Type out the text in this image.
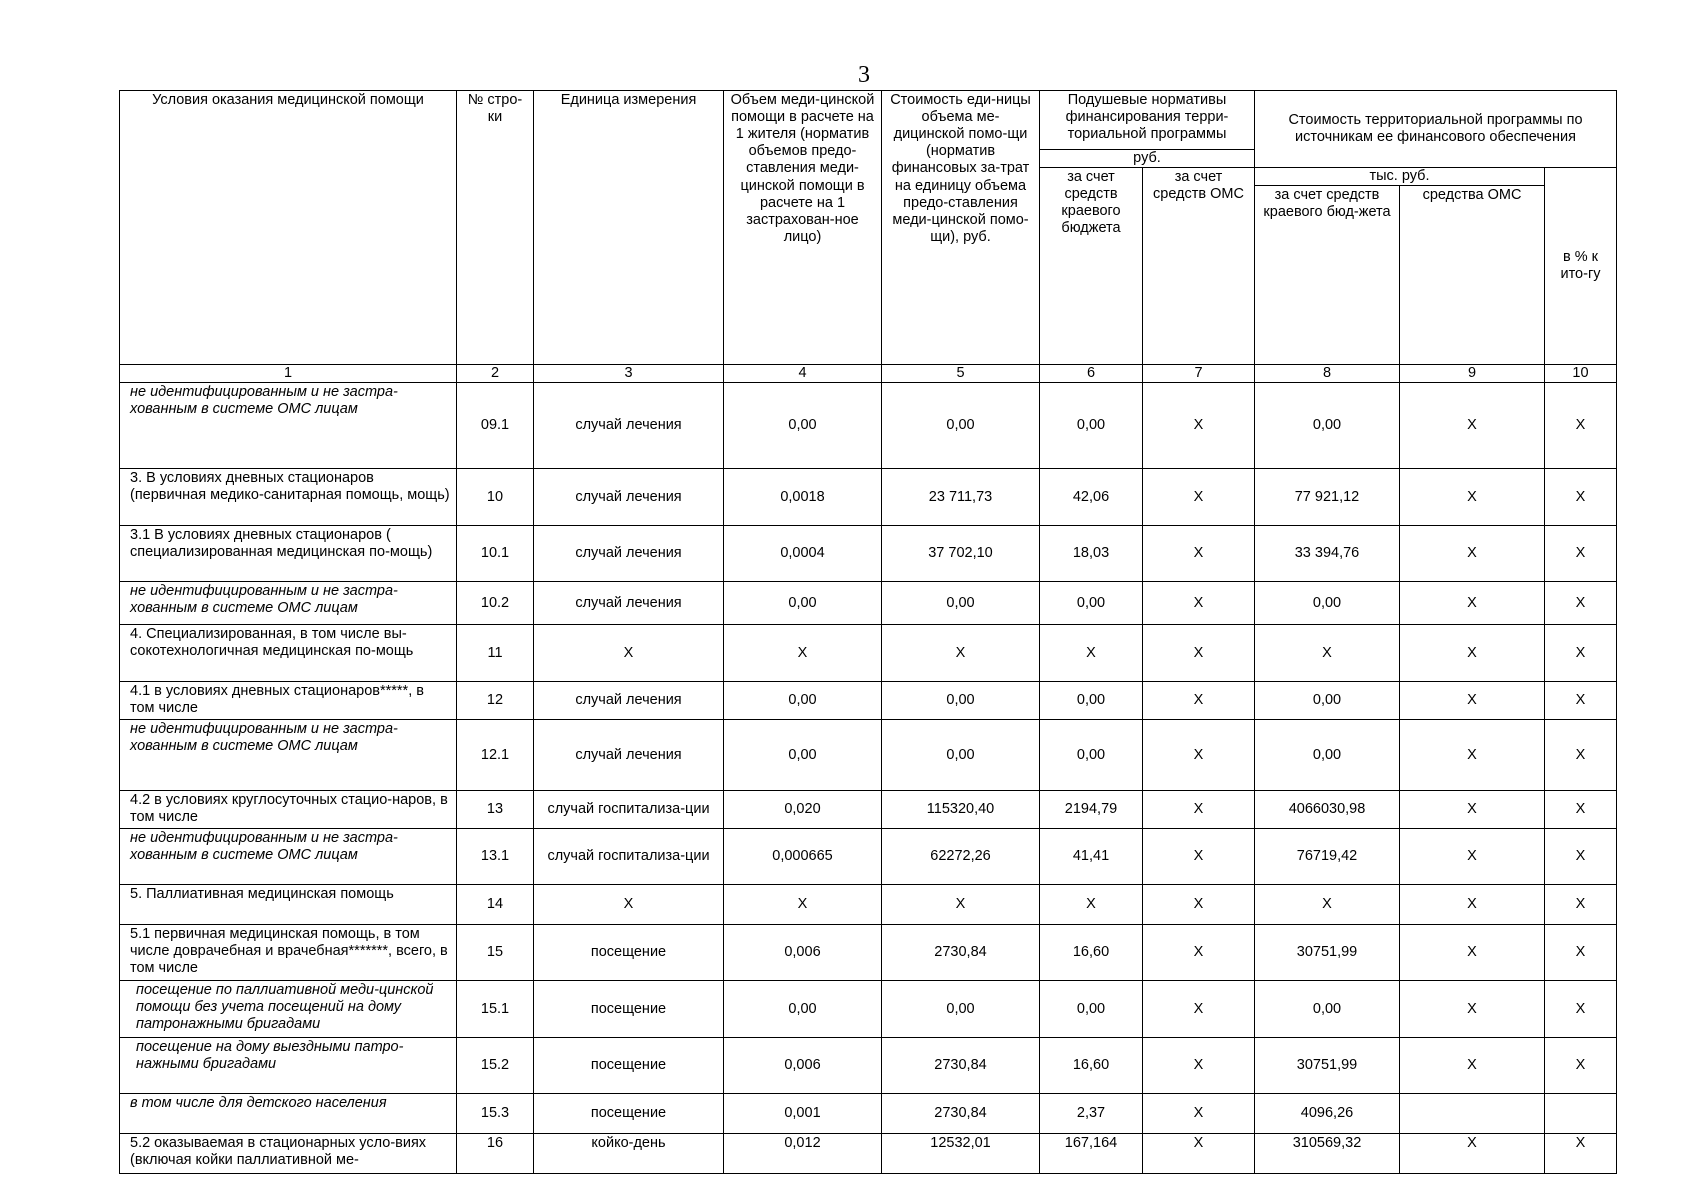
3
Условия оказания медицинской помощи	№ стро-ки	Единица измерения	Объем меди-цинской помощи в расчете на 1 жителя (норматив объемов предо-ставления меди-цинской помощи в расчете на 1 застрахован-ное лицо)	Стоимость еди-ницы объема ме-дицинской помо-щи (норматив финансовых за-трат на единицу объема предо-ставления меди-цинской помо-щи), руб.	Подушевые нормативы финансирования терри-ториальной программы	Стоимость территориальной программы по источникам ее финансового обеспечения
руб.
за счет средств краевого бюджета	за счет средств ОМС	
тыс. руб.
за счет средств краевого бюд-жета	средства ОМС
	в % к ито-гу
1	2	3	4	5	6	7	8	9	10
не идентифицированным и не застра-хованным в системе ОМС лицам	09.1	случай лечения	0,00	0,00	0,00	X	0,00	X	X
3. В условиях дневных стационаров (первичная медико-санитарная помощь, мощь)	10	случай лечения	0,0018	23 711,73	42,06	X	77 921,12	X	X
3.1 В условиях дневных стационаров ( специализированная медицинская по-мощь)	10.1	случай лечения	0,0004	37 702,10	18,03	X	33 394,76	X	X
не идентифицированным и не застра-хованным в системе ОМС лицам	10.2	случай лечения	0,00	0,00	0,00	X	0,00	X	X
4. Специализированная, в том числе вы-сокотехнологичная медицинская по-мощь	11	X	X	X	X	X	X	X	X
4.1 в условиях дневных стационаров*****, в том числе	12	случай лечения	0,00	0,00	0,00	X	0,00	X	X
не идентифицированным и не застра-хованным в системе ОМС лицам	12.1	случай лечения	0,00	0,00	0,00	X	0,00	X	X
4.2 в условиях круглосуточных стацио-наров, в том числе	13	случай госпитализа-ции	0,020	115320,40	2194,79	X	4066030,98	X	X
не идентифицированным и не застра-хованным в системе ОМС лицам	13.1	случай госпитализа-ции	0,000665	62272,26	41,41	X	76719,42	X	X
5. Паллиативная медицинская помощь	14	X	X	X	X	X	X	X	X
5.1 первичная медицинская помощь, в том числе доврачебная и врачебная*******, всего, в том числе	15	посещение	0,006	2730,84	16,60	X	30751,99	X	X
посещение по паллиативной меди-цинской помощи без учета посещений на дому патронажными бригадами	15.1	посещение	0,00	0,00	0,00	X	0,00	X	X
посещение на дому выездными патро-нажными бригадами	15.2	посещение	0,006	2730,84	16,60	X	30751,99	X	X
в том числе для детского населения	15.3	посещение	0,001	2730,84	2,37	X	4096,26		
5.2 оказываемая в стационарных усло-виях (включая койки паллиативной ме-	16	койко-день	0,012	12532,01	167,164	X	310569,32	X	X
